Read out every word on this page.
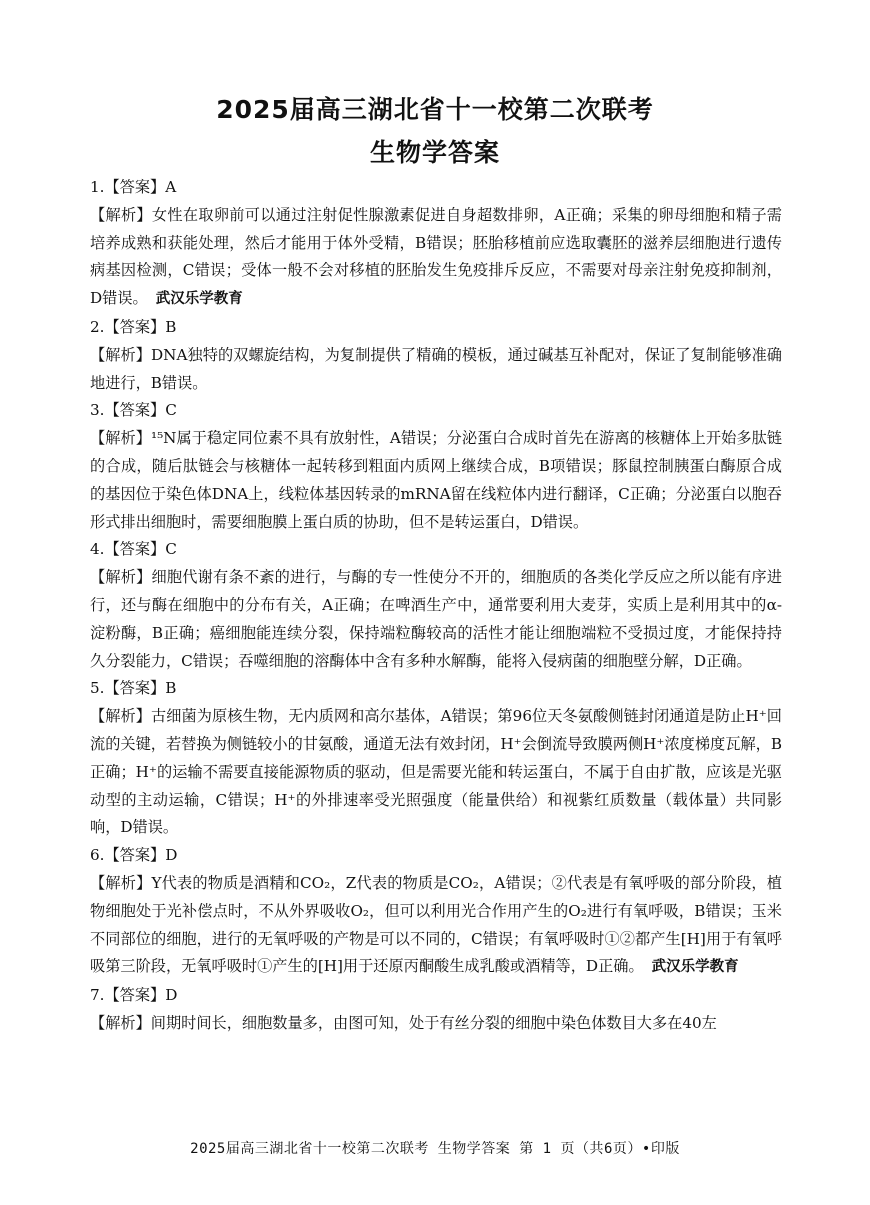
2025届高三湖北省十一校第二次联考
生物学答案

1.【答案】A

【解析】女性在取卵前可以通过注射促性腺激素促进自身超数排卵，A正确；采集的卵母细胞和精子需培养成熟和获能处理，然后才能用于体外受精，B错误；胚胎移植前应选取囊胚的滋养层细胞进行遗传病基因检测，C错误；受体一般不会对移植的胚胎发生免疫排斥反应，不需要对母亲注射免疫抑制剂，D错误。 武汉乐学教育

2.【答案】B

【解析】DNA独特的双螺旋结构，为复制提供了精确的模板，通过碱基互补配对，保证了复制能够准确地进行，B错误。

3.【答案】C

【解析】¹⁵N属于稳定同位素不具有放射性，A错误；分泌蛋白合成时首先在游离的核糖体上开始多肽链的合成，随后肽链会与核糖体一起转移到粗面内质网上继续合成，B项错误；豚鼠控制胰蛋白酶原合成的基因位于染色体DNA上，线粒体基因转录的mRNA留在线粒体内进行翻译，C正确；分泌蛋白以胞吞形式排出细胞时，需要细胞膜上蛋白质的协助，但不是转运蛋白，D错误。

4.【答案】C

【解析】细胞代谢有条不紊的进行，与酶的专一性使分不开的，细胞质的各类化学反应之所以能有序进行，还与酶在细胞中的分布有关，A正确；在啤酒生产中，通常要利用大麦芽，实质上是利用其中的α-淀粉酶，B正确；癌细胞能连续分裂，保持端粒酶较高的活性才能让细胞端粒不受损过度，才能保持持久分裂能力，C错误；吞噬细胞的溶酶体中含有多种水解酶，能将入侵病菌的细胞壁分解，D正确。

5.【答案】B

【解析】古细菌为原核生物，无内质网和高尔基体，A错误；第96位天冬氨酸侧链封闭通道是防止H⁺回流的关键，若替换为侧链较小的甘氨酸，通道无法有效封闭，H⁺会倒流导致膜两侧H⁺浓度梯度瓦解，B正确；H⁺的运输不需要直接能源物质的驱动，但是需要光能和转运蛋白，不属于自由扩散，应该是光驱动型的主动运输，C错误；H⁺的外排速率受光照强度（能量供给）和视紫红质数量（载体量）共同影响，D错误。

6.【答案】D

【解析】Y代表的物质是酒精和CO₂，Z代表的物质是CO₂，A错误；②代表是有氧呼吸的部分阶段，植物细胞处于光补偿点时，不从外界吸收O₂，但可以利用光合作用产生的O₂进行有氧呼吸，B错误；玉米不同部位的细胞，进行的无氧呼吸的产物是可以不同的，C错误；有氧呼吸时①②都产生[H]用于有氧呼吸第三阶段，无氧呼吸时①产生的[H]用于还原丙酮酸生成乳酸或酒精等，D正确。 武汉乐学教育

7.【答案】D

【解析】间期时间长，细胞数量多，由图可知，处于有丝分裂的细胞中染色体数目大多在40左

2025届高三湖北省十一校第二次联考 生物学答案 第 1 页（共6页）•印版
